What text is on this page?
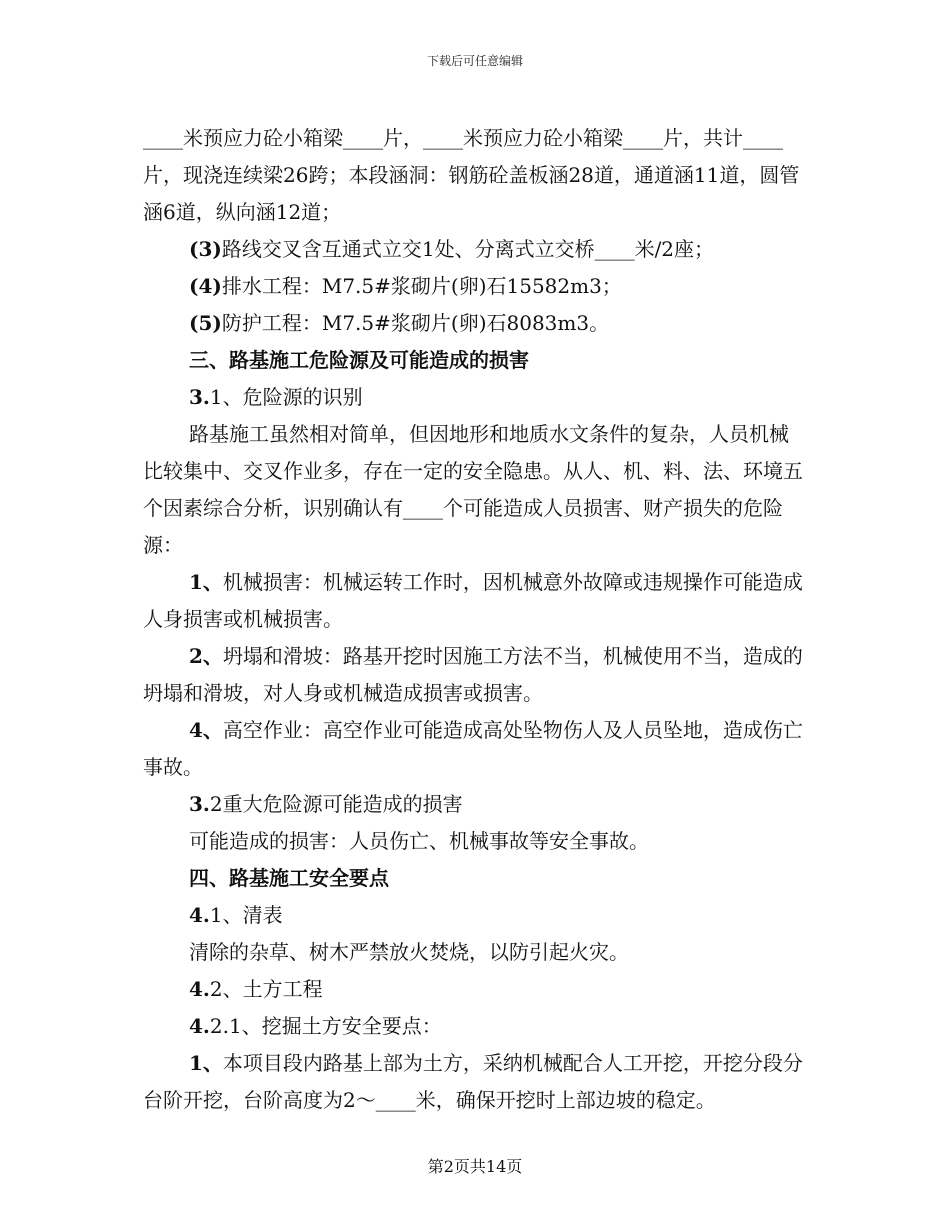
下载后可任意编辑

____米预应力砼小箱梁____片，____米预应力砼小箱梁____片，共计____片，现浇连续梁26跨；本段涵洞：钢筋砼盖板涵28道，通道涵11道，圆管涵6道，纵向涵12道；

(3)路线交叉含互通式立交1处、分离式立交桥____米/2座；

(4)排水工程：M7.5#浆砌片(卵)石15582m3；

(5)防护工程：M7.5#浆砌片(卵)石8083m3。

三、路基施工危险源及可能造成的损害

3.1、危险源的识别

路基施工虽然相对简单，但因地形和地质水文条件的复杂，人员机械比较集中、交叉作业多，存在一定的安全隐患。从人、机、料、法、环境五个因素综合分析，识别确认有____个可能造成人员损害、财产损失的危险源：

1、机械损害：机械运转工作时，因机械意外故障或违规操作可能造成人身损害或机械损害。

2、坍塌和滑坡：路基开挖时因施工方法不当，机械使用不当，造成的坍塌和滑坡，对人身或机械造成损害或损害。

4、高空作业：高空作业可能造成高处坠物伤人及人员坠地，造成伤亡事故。

3.2重大危险源可能造成的损害

可能造成的损害：人员伤亡、机械事故等安全事故。

四、路基施工安全要点

4.1、清表

清除的杂草、树木严禁放火焚烧，以防引起火灾。

4.2、土方工程

4.2.1、挖掘土方安全要点：

1、本项目段内路基上部为土方，采纳机械配合人工开挖，开挖分段分台阶开挖，台阶高度为2～____米，确保开挖时上部边坡的稳定。

第2页共14页
